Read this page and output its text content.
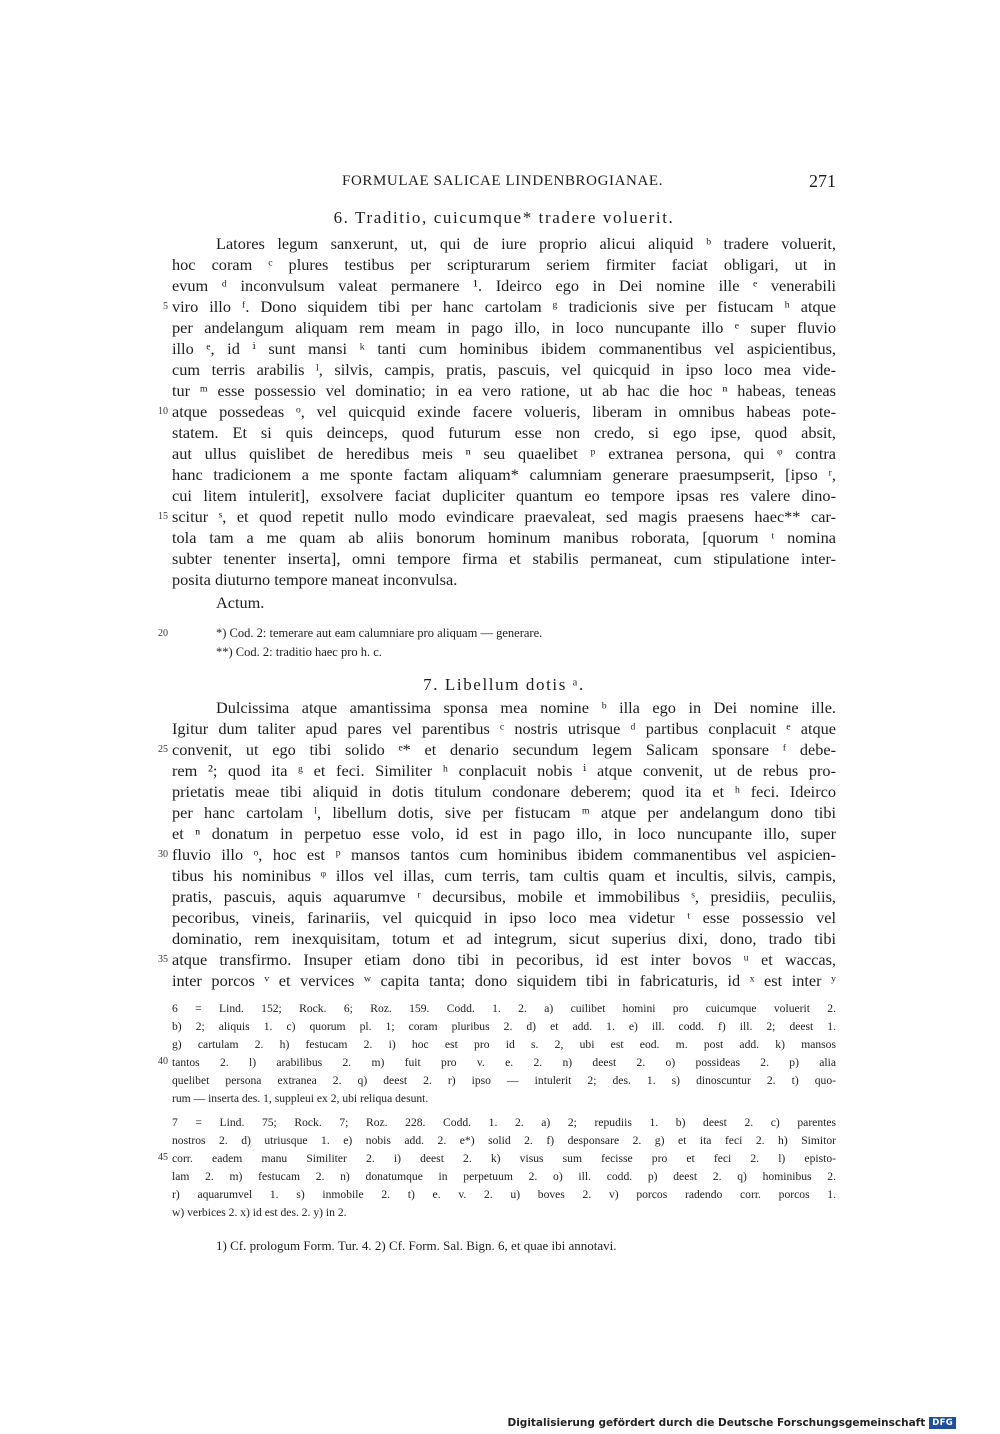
FORMULAE SALICAE LINDENBROGIANAE.	271
6. Traditio, cuicumque* tradere voluerit.
Latores legum sanxerunt, ut, qui de iure proprio alicui aliquid ᵇ tradere voluerit,
hoc coram ᶜ plures testibus per scripturarum seriem firmiter faciat obligari, ut in
evum ᵈ inconvulsum valeat permanere ¹. Ideirco ego in Dei nomine ille ᵉ venerabili
viro illo ᶠ. Dono siquidem tibi per hanc cartolam ᵍ tradicionis sive per fistucam ʰ atque
per andelangum aliquam rem meam in pago illo, in loco nuncupante illo ᵉ super fluvio
illo ᵉ, id ⁱ sunt mansi ᵏ tanti cum hominibus ibidem commanentibus vel aspicientibus,
cum terris arabilis ˡ, silvis, campis, pratis, pascuis, vel quicquid in ipso loco mea vide-
tur ᵐ esse possessio vel dominatio; in ea vero ratione, ut ab hac die hoc ⁿ habeas, teneas
atque possedeas ᵒ, vel quicquid exinde facere volueris, liberam in omnibus habeas pote-
statem. Et si quis deinceps, quod futurum esse non credo, si ego ipse, quod absit,
aut ullus quislibet de heredibus meis ⁿ seu quaelibet ᵖ extranea persona, qui ᵠ contra
hanc tradicionem a me sponte factam aliquam* calumniam generare praesumpserit, [ipso ʳ,
cui litem intulerit], exsolvere faciat dupliciter quantum eo tempore ipsas res valere dino-
scitur ˢ, et quod repetit nullo modo evindicare praevaleat, sed magis praesens haec** car-
tola tam a me quam ab aliis bonorum hominum manibus roborata, [quorum ᵗ nomina
subter tenenter inserta], omni tempore firma et stabilis permaneat, cum stipulatione inter-
posita diuturno tempore maneat inconvulsa.
Actum.
*) Cod. 2: temerare aut eam calumniare pro aliquam — generare.
**) Cod. 2: traditio haec pro h. c.
7. Libellum dotis ᵃ.
Dulcissima atque amantissima sponsa mea nomine ᵇ illa ego in Dei nomine ille.
Igitur dum taliter apud pares vel parentibus ᶜ nostris utrisque ᵈ partibus conplacuit ᵉ atque
convenit, ut ego tibi solido ᵉ* et denario secundum legem Salicam sponsare ᶠ debe-
rem ²; quod ita ᵍ et feci. Similiter ʰ conplacuit nobis ⁱ atque convenit, ut de rebus pro-
prietatis meae tibi aliquid in dotis titulum condonare deberem; quod ita et ʰ feci. Ideirco
per hanc cartolam ˡ, libellum dotis, sive per fistucam ᵐ atque per andelangum dono tibi
et ⁿ donatum in perpetuo esse volo, id est in pago illo, in loco nuncupante illo, super
fluvio illo ᵒ, hoc est ᵖ mansos tantos cum hominibus ibidem commanentibus vel aspicien-
tibus his nominibus ᵠ illos vel illas, cum terris, tam cultis quam et incultis, silvis, campis,
pratis, pascuis, aquis aquarumve ʳ decursibus, mobile et immobilibus ˢ, presidiis, peculiis,
pecoribus, vineis, farinariis, vel quicquid in ipso loco mea videtur ᵗ esse possessio vel
dominatio, rem inexquisitam, totum et ad integrum, sicut superius dixi, dono, trado tibi
atque transfirmo. Insuper etiam dono tibi in pecoribus, id est inter bovos ᵘ et waccas,
inter porcos ᵛ et vervices ʷ capita tanta; dono siquidem tibi in fabricaturis, id ˣ est inter ʸ
6 = Lind. 152; Rock. 6; Roz. 159. Codd. 1. 2. a) cuilibet homini pro cuicumque voluerit 2.
b) 2; aliquis 1. c) quorum pl. 1; coram pluribus 2. d) et add. 1. e) ill. codd. f) ill. 2; deest 1.
g) cartulam 2. h) festucam 2. i) hoc est pro id s. 2, ubi est eod. m. post add. k) mansos
tantos 2. l) arabilibus 2. m) fuit pro v. e. 2. n) deest 2. o) possideas 2. p) alia
quelibet persona extranea 2. q) deest 2. r) ipso — intulerit 2; des. 1. s) dinoscuntur 2. t) quo-
rum — inserta des. 1, suppleui ex 2, ubi reliqua desunt.
7 = Lind. 75; Rock. 7; Roz. 228. Codd. 1. 2. a) 2; repudiis 1. b) deest 2. c) parentes
nostros 2. d) utriusque 1. e) nobis add. 2. e*) solid 2. f) desponsare 2. g) et ita feci 2. h) Simitor
corr. eadem manu Similiter 2. i) deest 2. k) visus sum fecisse pro et feci 2. l) episto-
lam 2. m) festucam 2. n) donatumque in perpetuum 2. o) ill. codd. p) deest 2. q) hominibus 2.
r) aquarumvel 1. s) inmobile 2. t) e. v. 2. u) boves 2. v) porcos radendo corr. porcos 1.
w) verbices 2. x) id est des. 2. y) in 2.
1) Cf. prologum Form. Tur. 4. 2) Cf. Form. Sal. Bign. 6, et quae ibi annotavi.
5
10
15
20
25
30
35
40
45
Digitalisierung gefördert durch die Deutsche Forschungsgemeinschaft DFG
